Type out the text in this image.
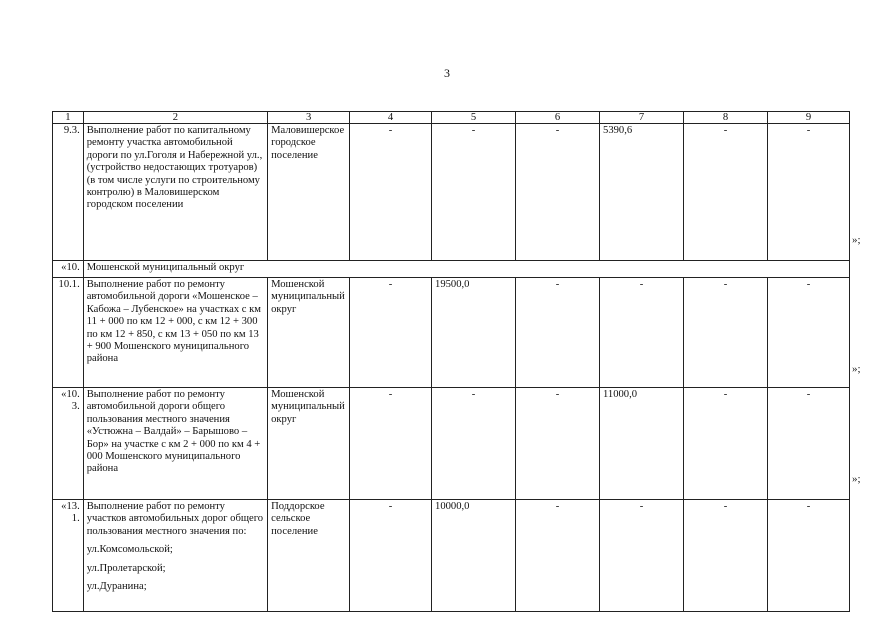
3
1	2	3	4	5	6	7	8	9
9.3.	Выполнение работ по капитальному ремонту участка автомобильной дороги по ул.Гоголя и Набережной ул., (устройство недостающих тротуаров) (в том числе услуги по строительному контролю) в Маловишерском городском поселении	Маловишерское городское поселение	-	-	-	5390,6	-	-
«10.	Мошенской муниципальный округ							
10.1.	Выполнение работ по ремонту автомобильной дороги «Мошенское – Кабожа – Лубенское» на участках с км 11 + 000 по км 12 + 000, с км 12 + 300 по км 12 + 850, с км 13 + 050 по км 13 + 900 Мошенского муниципального района	Мошенской муниципальный округ	-	19500,0	-	-	-	-
«10.3.	Выполнение работ по ремонту автомобильной дороги общего пользования местного значения «Устюжна – Валдай» – Барышово – Бор» на участке с км 2 + 000 по км 4 + 000 Мошенского муниципального района	Мошенской муниципальный округ	-	-	-	11000,0	-	-
«13.1.	Выполнение работ по ремонту участков автомобильных дорог общего пользования местного значения по:
ул.Комсомольской;
ул.Пролетарской;
ул.Дуранина;	Поддорское сельское поселение	-	10000,0	-	-	-	-
»;
»;
»;
